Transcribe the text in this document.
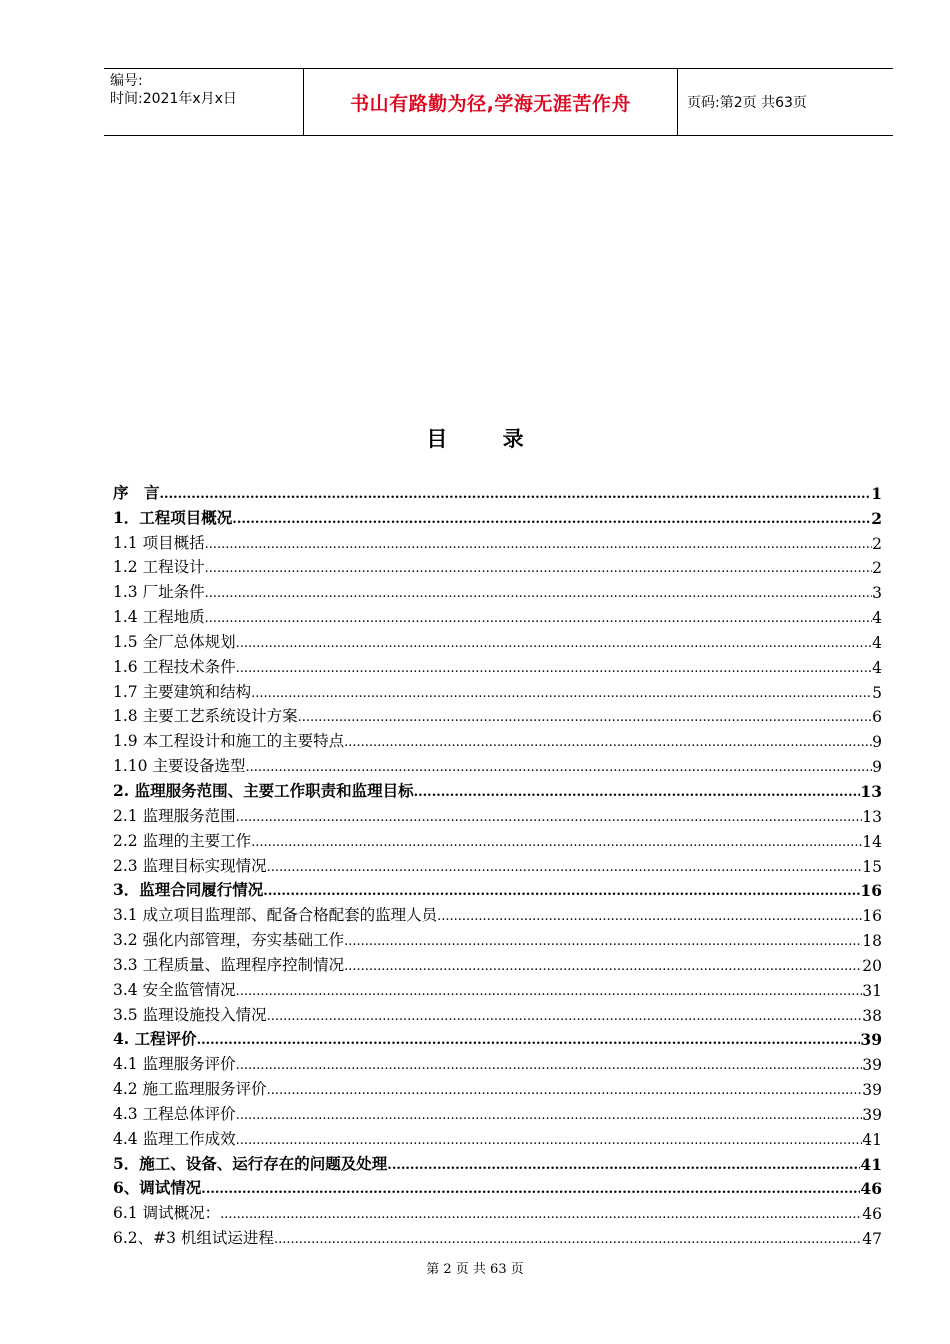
编号:
时间:2021年x月x日	书山有路勤为径,学海无涯苦作舟	页码:第2页 共63页
目 录
序　言 .....	1
1．工程项目概况 .....	2
1.1 项目概括 .....	2
1.2 工程设计 .....	2
1.3 厂址条件 .....	3
1.4 工程地质 .....	4
1.5 全厂总体规划 .....	4
1.6 工程技术条件 .....	4
1.7 主要建筑和结构 .....	5
1.8 主要工艺系统设计方案 .....	6
1.9 本工程设计和施工的主要特点 .....	9
1.10 主要设备选型 .....	9
2. 监理服务范围、主要工作职责和监理目标 .....	13
2.1 监理服务范围 .....	13
2.2 监理的主要工作 .....	14
2.3 监理目标实现情况 .....	15
3．监理合同履行情况 .....	16
3.1 成立项目监理部、配备合格配套的监理人员 .....	16
3.2 强化内部管理，夯实基础工作 .....	18
3.3 工程质量、监理程序控制情况 .....	20
3.4 安全监管情况 .....	31
3.5 监理设施投入情况 .....	38
4. 工程评价 .....	39
4.1 监理服务评价 .....	39
4.2 施工监理服务评价 .....	39
4.3 工程总体评价 .....	39
4.4 监理工作成效 .....	41
5．施工、设备、运行存在的问题及处理 .....	41
6、调试情况 .....	46
6.1 调试概况： .....	46
6.2、#3 机组试运进程 .....	47
第 2 页 共 63 页
